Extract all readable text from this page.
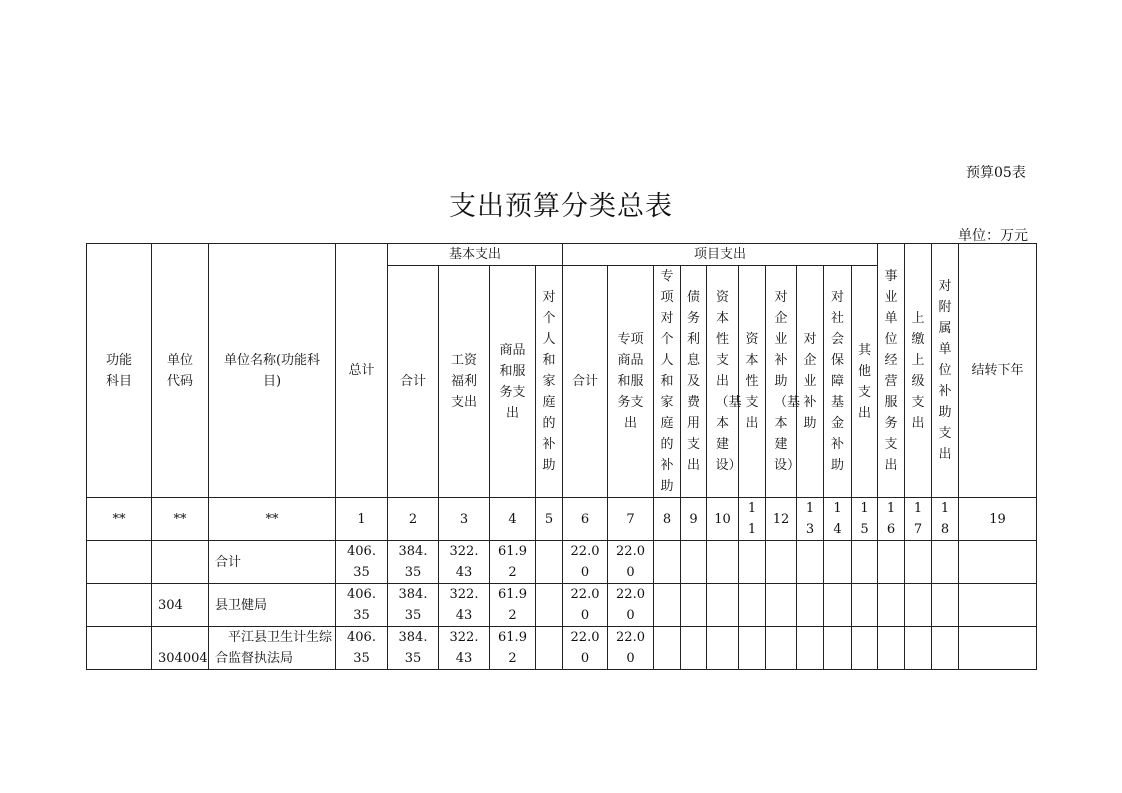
预算05表
支出预算分类总表
单位：万元
功能科目	单位代码	单位名称(功能科目)	总计	基本支出				项目支出										事业单位经营服务支出	上缴上级支出	对附属单位补助支出	结转下年
				合计	工资福利支出	商品和服务支出	对个人和家庭的补助	合计	专项商品和服务支出	专项对个人和家庭的补助	债务利息及费用支出	资本性支出（基本建设）	资本性支出	对企业补助（基本建设）	对企业补助	对社会保障基金补助	其他支出				
**	**	**	1	2	3	4	5	6	7	8	9	10	11	12	13	14	15	16	17	18	19
		合计	406.35	384.35	322.43	61.92		22.00	22.00												
	304	县卫健局	406.35	384.35	322.43	61.92		22.00	22.00												
	304004	平江县卫生计生综合监督执法局	406.35	384.35	322.43	61.92		22.00	22.00												
